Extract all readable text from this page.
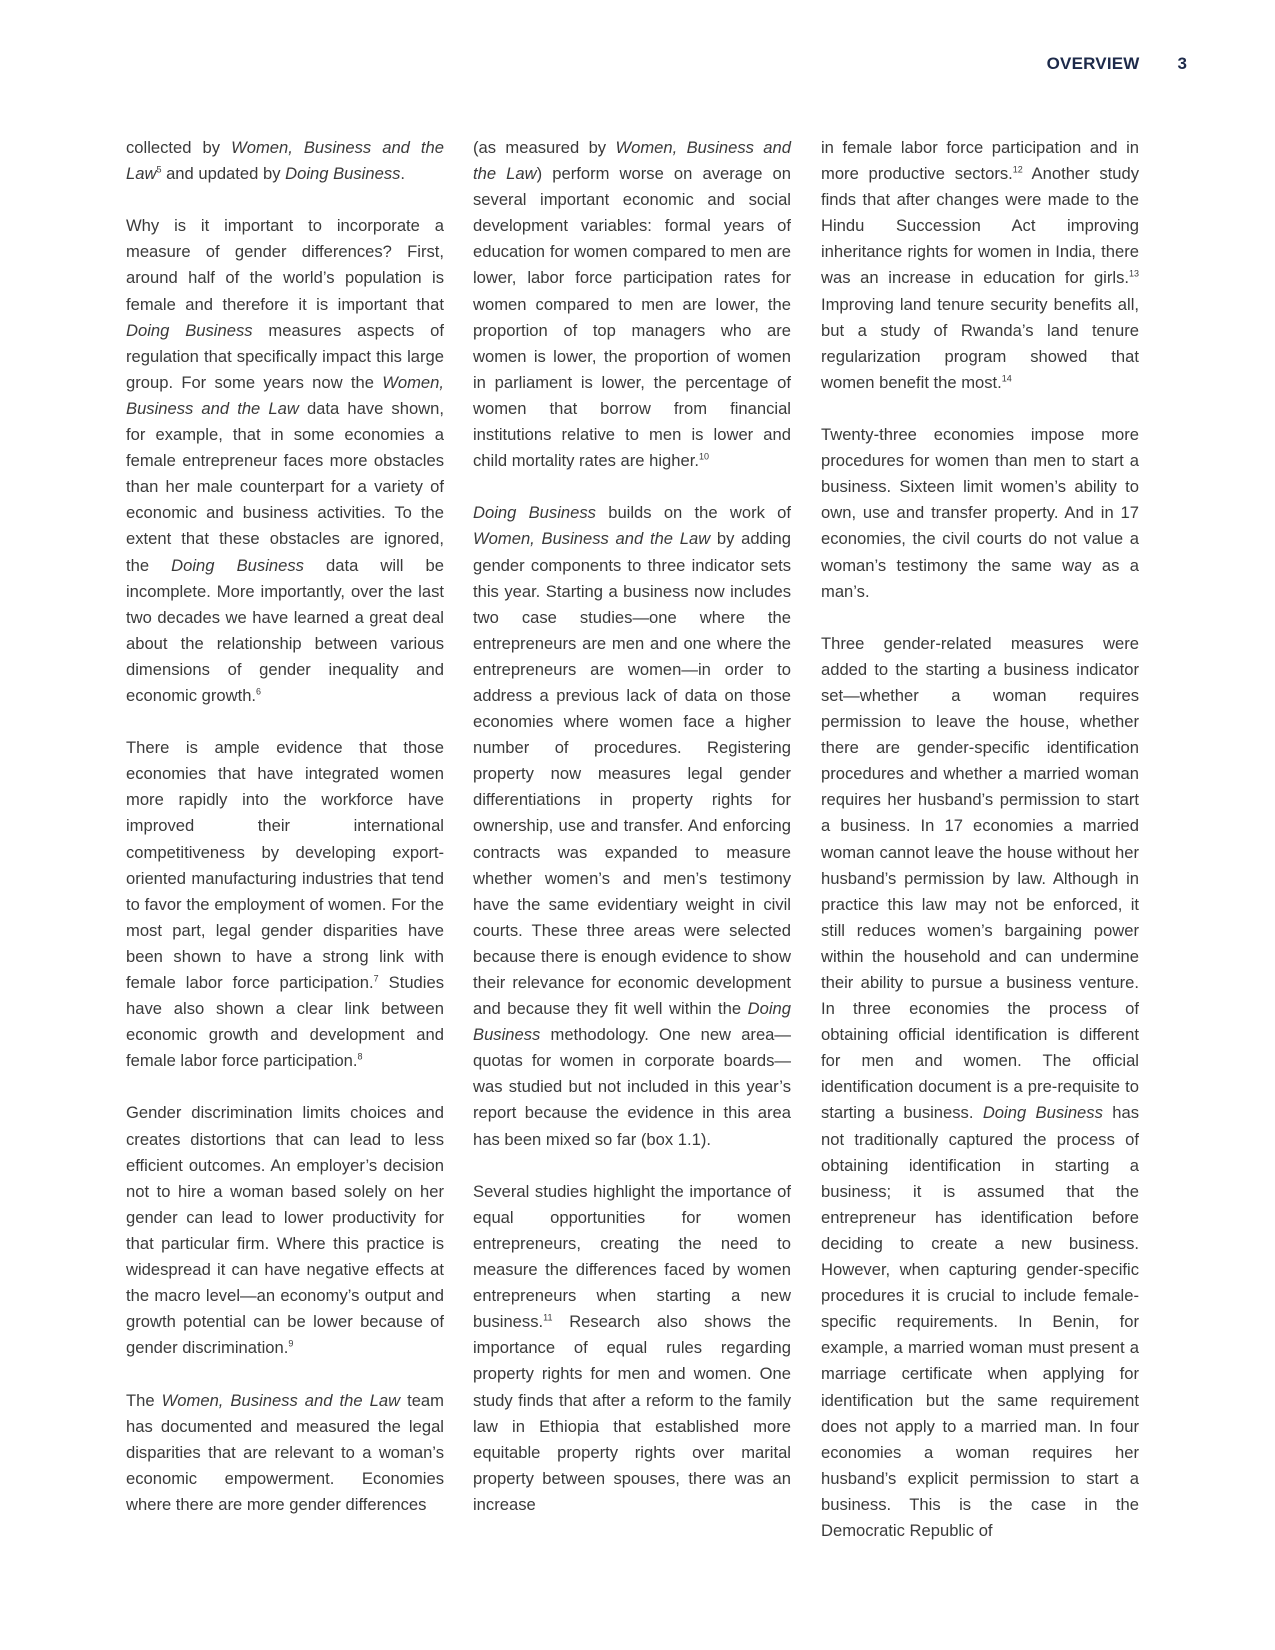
OVERVIEW 3

collected by Women, Business and the Law$^5$ and updated by Doing Business.

Why is it important to incorporate a measure of gender differences? First, around half of the world’s population is female and therefore it is important that Doing Business measures aspects of regulation that specifically impact this large group. For some years now the Women, Business and the Law data have shown, for example, that in some economies a female entrepreneur faces more obstacles than her male counterpart for a variety of economic and business activities. To the extent that these obstacles are ignored, the Doing Business data will be incomplete. More importantly, over the last two decades we have learned a great deal about the relationship between various dimensions of gender inequality and economic growth.$^6$

There is ample evidence that those economies that have integrated women more rapidly into the workforce have improved their international competitiveness by developing export-oriented manufacturing industries that tend to favor the employment of women. For the most part, legal gender disparities have been shown to have a strong link with female labor force participation.$^7$ Studies have also shown a clear link between economic growth and development and female labor force participation.$^8$

Gender discrimination limits choices and creates distortions that can lead to less efficient outcomes. An employer’s decision not to hire a woman based solely on her gender can lead to lower productivity for that particular firm. Where this practice is widespread it can have negative effects at the macro level—an economy’s output and growth potential can be lower because of gender discrimination.$^9$

The Women, Business and the Law team has documented and measured the legal disparities that are relevant to a woman’s economic empowerment. Economies where there are more gender differences

(as measured by Women, Business and the Law) perform worse on average on several important economic and social development variables: formal years of education for women compared to men are lower, labor force participation rates for women compared to men are lower, the proportion of top managers who are women is lower, the proportion of women in parliament is lower, the percentage of women that borrow from financial institutions relative to men is lower and child mortality rates are higher.$^{10}$

Doing Business builds on the work of Women, Business and the Law by adding gender components to three indicator sets this year. Starting a business now includes two case studies—one where the entrepreneurs are men and one where the entrepreneurs are women—in order to address a previous lack of data on those economies where women face a higher number of procedures. Registering property now measures legal gender differentiations in property rights for ownership, use and transfer. And enforcing contracts was expanded to measure whether women’s and men’s testimony have the same evidentiary weight in civil courts. These three areas were selected because there is enough evidence to show their relevance for economic development and because they fit well within the Doing Business methodology. One new area—quotas for women in corporate boards—was studied but not included in this year’s report because the evidence in this area has been mixed so far (box 1.1).

Several studies highlight the importance of equal opportunities for women entrepreneurs, creating the need to measure the differences faced by women entrepreneurs when starting a new business.$^{11}$ Research also shows the importance of equal rules regarding property rights for men and women. One study finds that after a reform to the family law in Ethiopia that established more equitable property rights over marital property between spouses, there was an increase

in female labor force participation and in more productive sectors.$^{12}$ Another study finds that after changes were made to the Hindu Succession Act improving inheritance rights for women in India, there was an increase in education for girls.$^{13}$ Improving land tenure security benefits all, but a study of Rwanda’s land tenure regularization program showed that women benefit the most.$^{14}$

Twenty-three economies impose more procedures for women than men to start a business. Sixteen limit women’s ability to own, use and transfer property. And in 17 economies, the civil courts do not value a woman’s testimony the same way as a man’s.

Three gender-related measures were added to the starting a business indicator set—whether a woman requires permission to leave the house, whether there are gender-specific identification procedures and whether a married woman requires her husband’s permission to start a business. In 17 economies a married woman cannot leave the house without her husband’s permission by law. Although in practice this law may not be enforced, it still reduces women’s bargaining power within the household and can undermine their ability to pursue a business venture. In three economies the process of obtaining official identification is different for men and women. The official identification document is a pre-requisite to starting a business. Doing Business has not traditionally captured the process of obtaining identification in starting a business; it is assumed that the entrepreneur has identification before deciding to create a new business. However, when capturing gender-specific procedures it is crucial to include female-specific requirements. In Benin, for example, a married woman must present a marriage certificate when applying for identification but the same requirement does not apply to a married man. In four economies a woman requires her husband’s explicit permission to start a business. This is the case in the Democratic Republic of
